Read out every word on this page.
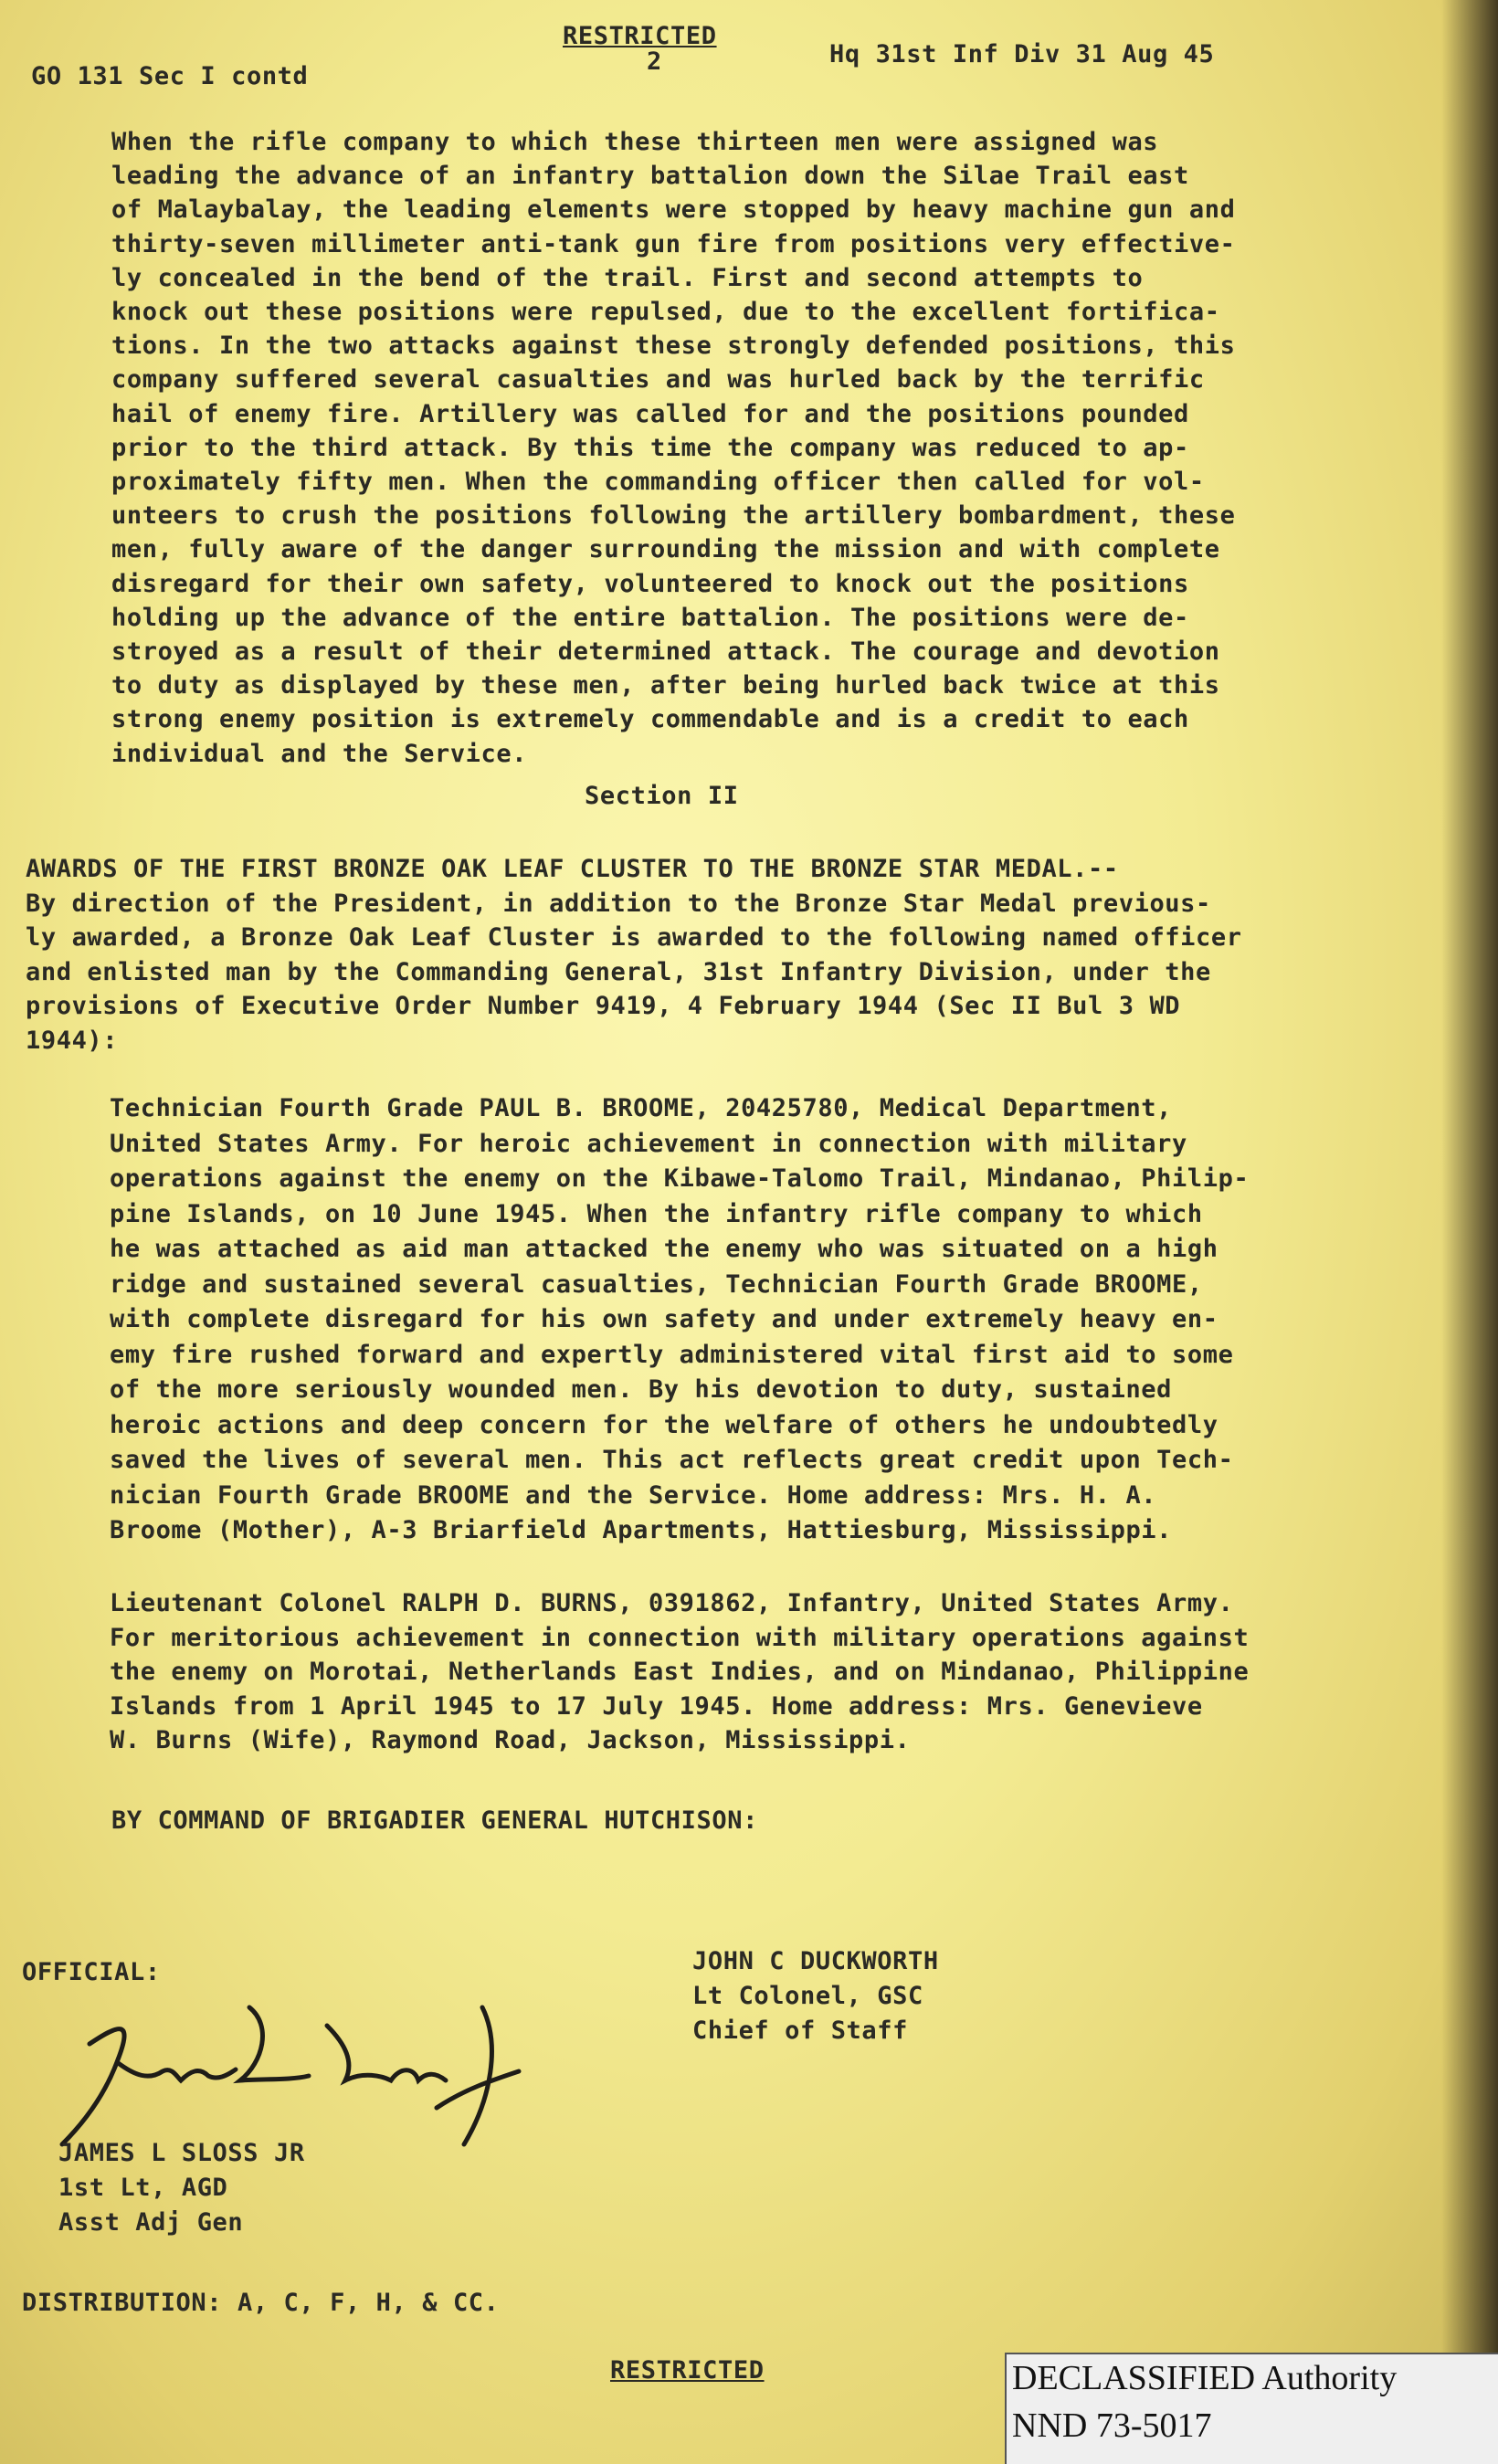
RESTRICTED
2
GO 131 Sec I contd
Hq 31st Inf Div 31 Aug 45
When the rifle company to which these thirteen men were assigned was
leading the advance of an infantry battalion down the Silae Trail east
of Malaybalay, the leading elements were stopped by heavy machine gun and
thirty-seven millimeter anti-tank gun fire from positions very effective-
ly concealed in the bend of the trail. First and second attempts to
knock out these positions were repulsed, due to the excellent fortifica-
tions. In the two attacks against these strongly defended positions, this
company suffered several casualties and was hurled back by the terrific
hail of enemy fire. Artillery was called for and the positions pounded
prior to the third attack. By this time the company was reduced to ap-
proximately fifty men. When the commanding officer then called for vol-
unteers to crush the positions following the artillery bombardment, these
men, fully aware of the danger surrounding the mission and with complete
disregard for their own safety, volunteered to knock out the positions
holding up the advance of the entire battalion. The positions were de-
stroyed as a result of their determined attack. The courage and devotion
to duty as displayed by these men, after being hurled back twice at this
strong enemy position is extremely commendable and is a credit to each
individual and the Service.
Section II
AWARDS OF THE FIRST BRONZE OAK LEAF CLUSTER TO THE BRONZE STAR MEDAL.--
By direction of the President, in addition to the Bronze Star Medal previous-
ly awarded, a Bronze Oak Leaf Cluster is awarded to the following named officer
and enlisted man by the Commanding General, 31st Infantry Division, under the
provisions of Executive Order Number 9419, 4 February 1944 (Sec II Bul 3 WD
1944):
Technician Fourth Grade PAUL B. BROOME, 20425780, Medical Department,
United States Army. For heroic achievement in connection with military
operations against the enemy on the Kibawe-Talomo Trail, Mindanao, Philip-
pine Islands, on 10 June 1945. When the infantry rifle company to which
he was attached as aid man attacked the enemy who was situated on a high
ridge and sustained several casualties, Technician Fourth Grade BROOME,
with complete disregard for his own safety and under extremely heavy en-
emy fire rushed forward and expertly administered vital first aid to some
of the more seriously wounded men. By his devotion to duty, sustained
heroic actions and deep concern for the welfare of others he undoubtedly
saved the lives of several men. This act reflects great credit upon Tech-
nician Fourth Grade BROOME and the Service. Home address: Mrs. H. A.
Broome (Mother), A-3 Briarfield Apartments, Hattiesburg, Mississippi.
Lieutenant Colonel RALPH D. BURNS, 0391862, Infantry, United States Army.
For meritorious achievement in connection with military operations against
the enemy on Morotai, Netherlands East Indies, and on Mindanao, Philippine
Islands from 1 April 1945 to 17 July 1945. Home address: Mrs. Genevieve
W. Burns (Wife), Raymond Road, Jackson, Mississippi.
BY COMMAND OF BRIGADIER GENERAL HUTCHISON:
JOHN C DUCKWORTH
Lt Colonel, GSC
Chief of Staff
OFFICIAL:
JAMES L SLOSS JR
1st Lt, AGD
Asst Adj Gen
DISTRIBUTION: A, C, F, H, & CC.
RESTRICTED	DECLASSIFIED Authority
NND 73-5017
